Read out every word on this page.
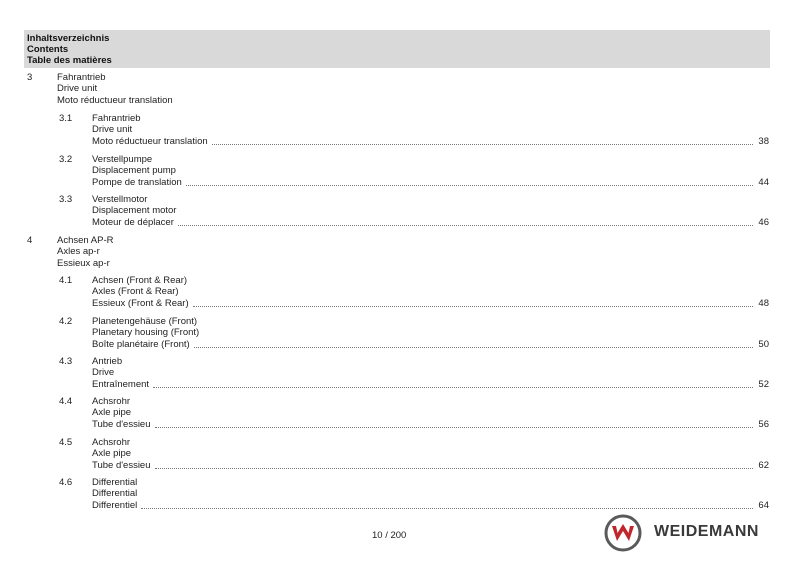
Inhaltsverzeichnis
Contents
Table des matières
3	Fahrantrieb
Drive unit
Moto réductueur translation
3.1 Fahrantrieb
Drive unit
Moto réductueur translation	38
3.2 Verstellpumpe
Displacement pump
Pompe de translation	44
3.3 Verstellmotor
Displacement motor
Moteur de déplacer	46
4	Achsen AP-R
Axles ap-r
Essieux ap-r
4.1 Achsen (Front & Rear)
Axles (Front & Rear)
Essieux (Front & Rear)	48
4.2 Planetengehäuse (Front)
Planetary housing (Front)
Boîte planétaire (Front)	50
4.3 Antrieb
Drive
Entraînement	52
4.4 Achsrohr
Axle pipe
Tube d'essieu	56
4.5 Achsrohr
Axle pipe
Tube d'essieu	62
4.6 Differential
Differential
Differentiel	64
10 / 200	WEIDEMANN
